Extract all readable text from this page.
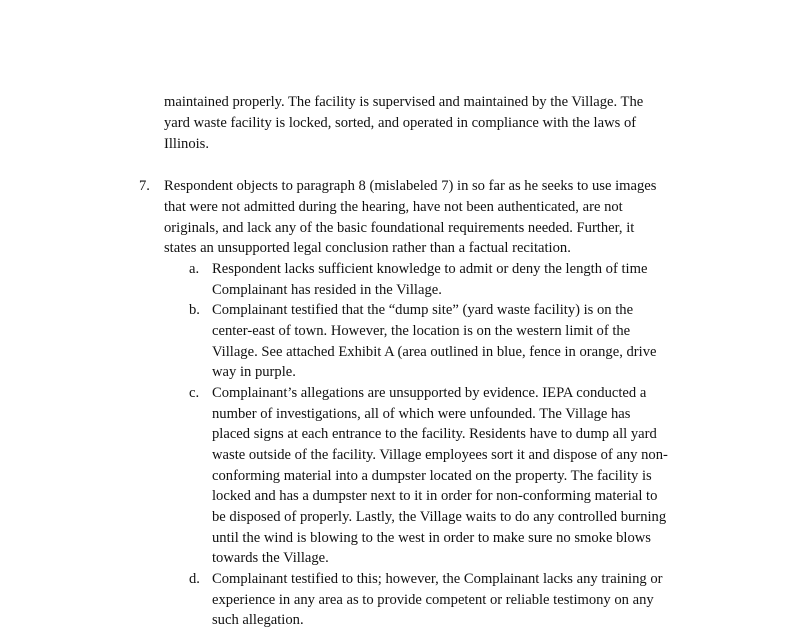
maintained properly. The facility is supervised and maintained by the Village. The
yard waste facility is locked, sorted, and operated in compliance with the laws of
Illinois.
7. Respondent objects to paragraph 8 (mislabeled 7) in so far as he seeks to use images
that were not admitted during the hearing, have not been authenticated, are not
originals, and lack any of the basic foundational requirements needed. Further, it
states an unsupported legal conclusion rather than a factual recitation.
a. Respondent lacks sufficient knowledge to admit or deny the length of time
Complainant has resided in the Village.
b. Complainant testified that the “dump site” (yard waste facility) is on the
center-east of town. However, the location is on the western limit of the
Village. See attached Exhibit A (area outlined in blue, fence in orange, drive
way in purple.
c. Complainant’s allegations are unsupported by evidence. IEPA conducted a
number of investigations, all of which were unfounded. The Village has
placed signs at each entrance to the facility. Residents have to dump all yard
waste outside of the facility. Village employees sort it and dispose of any non-
conforming material into a dumpster located on the property. The facility is
locked and has a dumpster next to it in order for non-conforming material to
be disposed of properly. Lastly, the Village waits to do any controlled burning
until the wind is blowing to the west in order to make sure no smoke blows
towards the Village.
d. Complainant testified to this; however, the Complainant lacks any training or
experience in any area as to provide competent or reliable testimony on any
such allegation.
